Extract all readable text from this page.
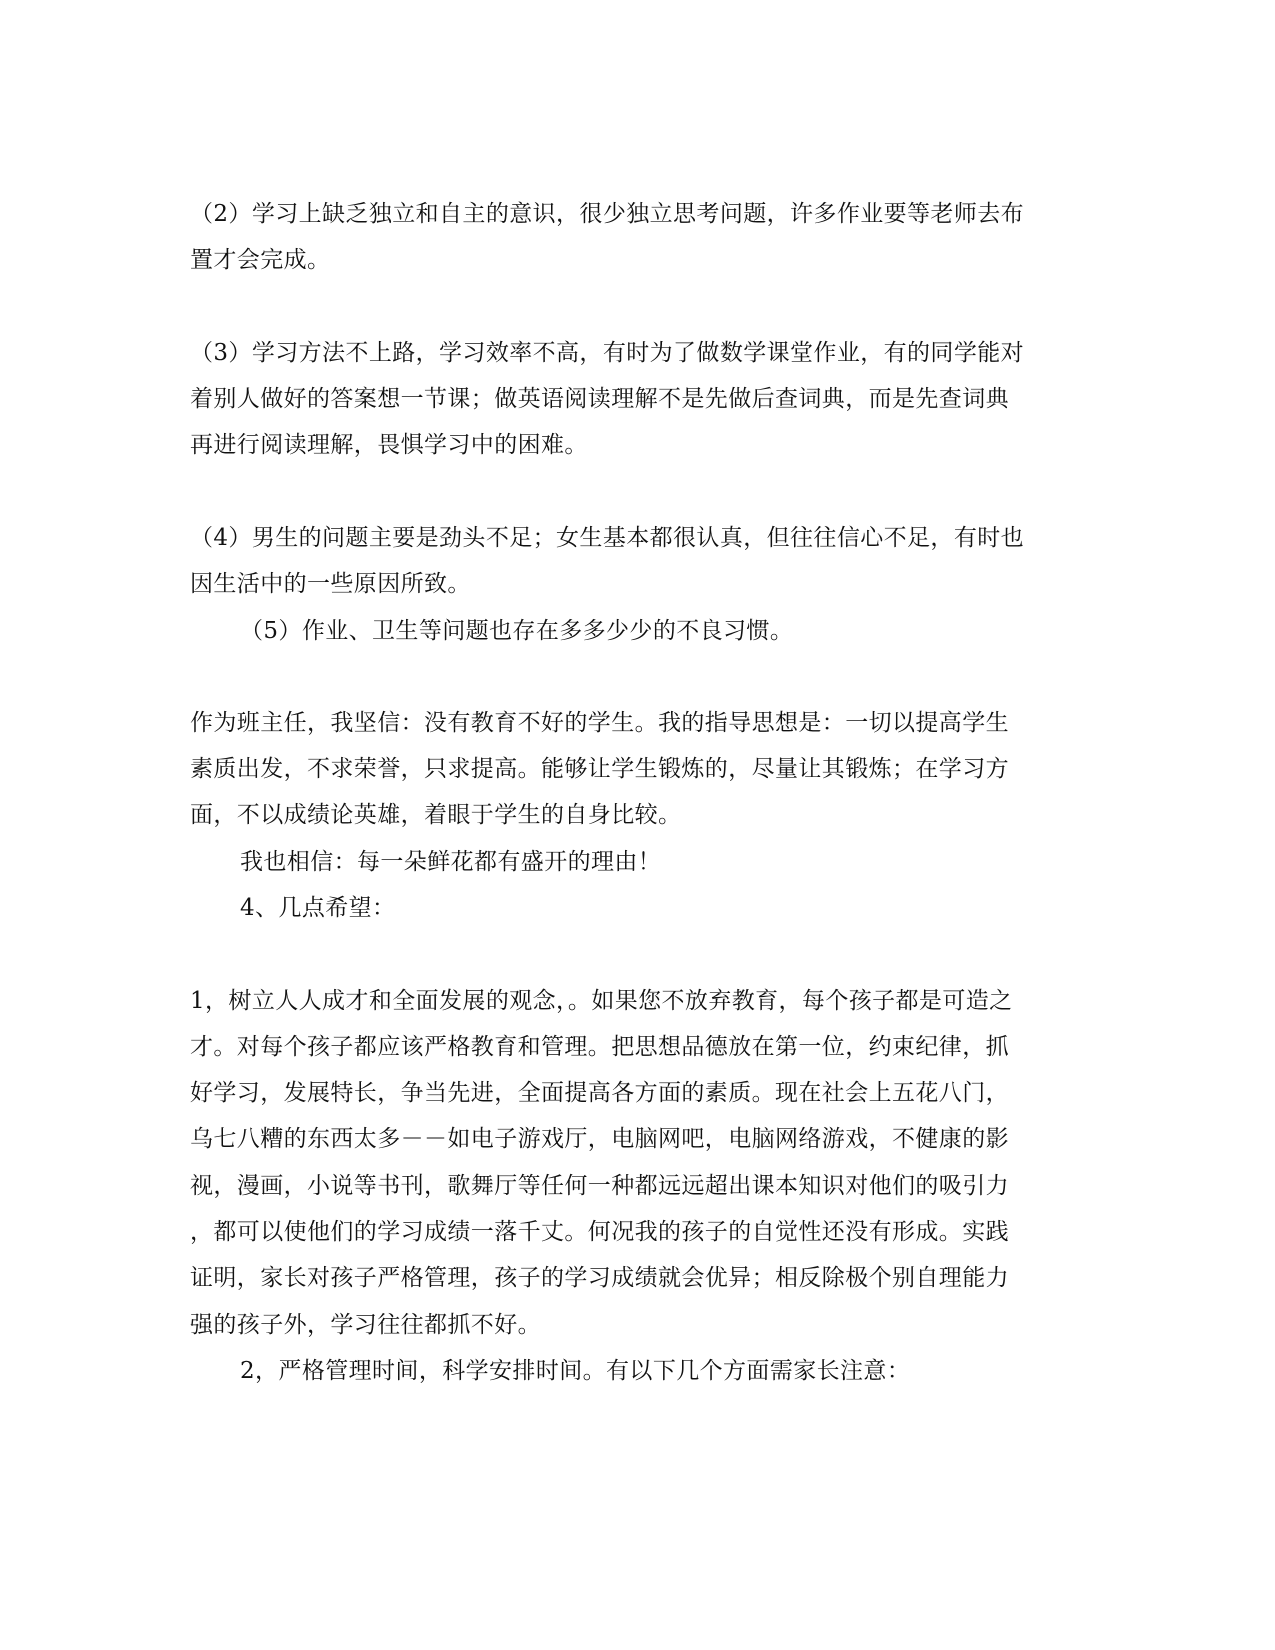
（2）学习上缺乏独立和自主的意识，很少独立思考问题，许多作业要等老师去布
置才会完成。
（3）学习方法不上路，学习效率不高，有时为了做数学课堂作业，有的同学能对
着别人做好的答案想一节课；做英语阅读理解不是先做后查词典，而是先查词典
再进行阅读理解，畏惧学习中的困难。
（4）男生的问题主要是劲头不足；女生基本都很认真，但往往信心不足，有时也
因生活中的一些原因所致。
（5）作业、卫生等问题也存在多多少少的不良习惯。
作为班主任，我坚信：没有教育不好的学生。我的指导思想是：一切以提高学生
素质出发，不求荣誉，只求提高。能够让学生锻炼的，尽量让其锻炼；在学习方
面，不以成绩论英雄，着眼于学生的自身比较。
我也相信：每一朵鲜花都有盛开的理由！
4、几点希望：
1，树立人人成才和全面发展的观念，。如果您不放弃教育，每个孩子都是可造之
才。对每个孩子都应该严格教育和管理。把思想品德放在第一位，约束纪律，抓
好学习，发展特长，争当先进，全面提高各方面的素质。现在社会上五花八门，
乌七八糟的东西太多－－如电子游戏厅，电脑网吧，电脑网络游戏，不健康的影
视，漫画，小说等书刊，歌舞厅等任何一种都远远超出课本知识对他们的吸引力
，都可以使他们的学习成绩一落千丈。何况我的孩子的自觉性还没有形成。实践
证明，家长对孩子严格管理，孩子的学习成绩就会优异；相反除极个别自理能力
强的孩子外，学习往往都抓不好。
2，严格管理时间，科学安排时间。有以下几个方面需家长注意：
